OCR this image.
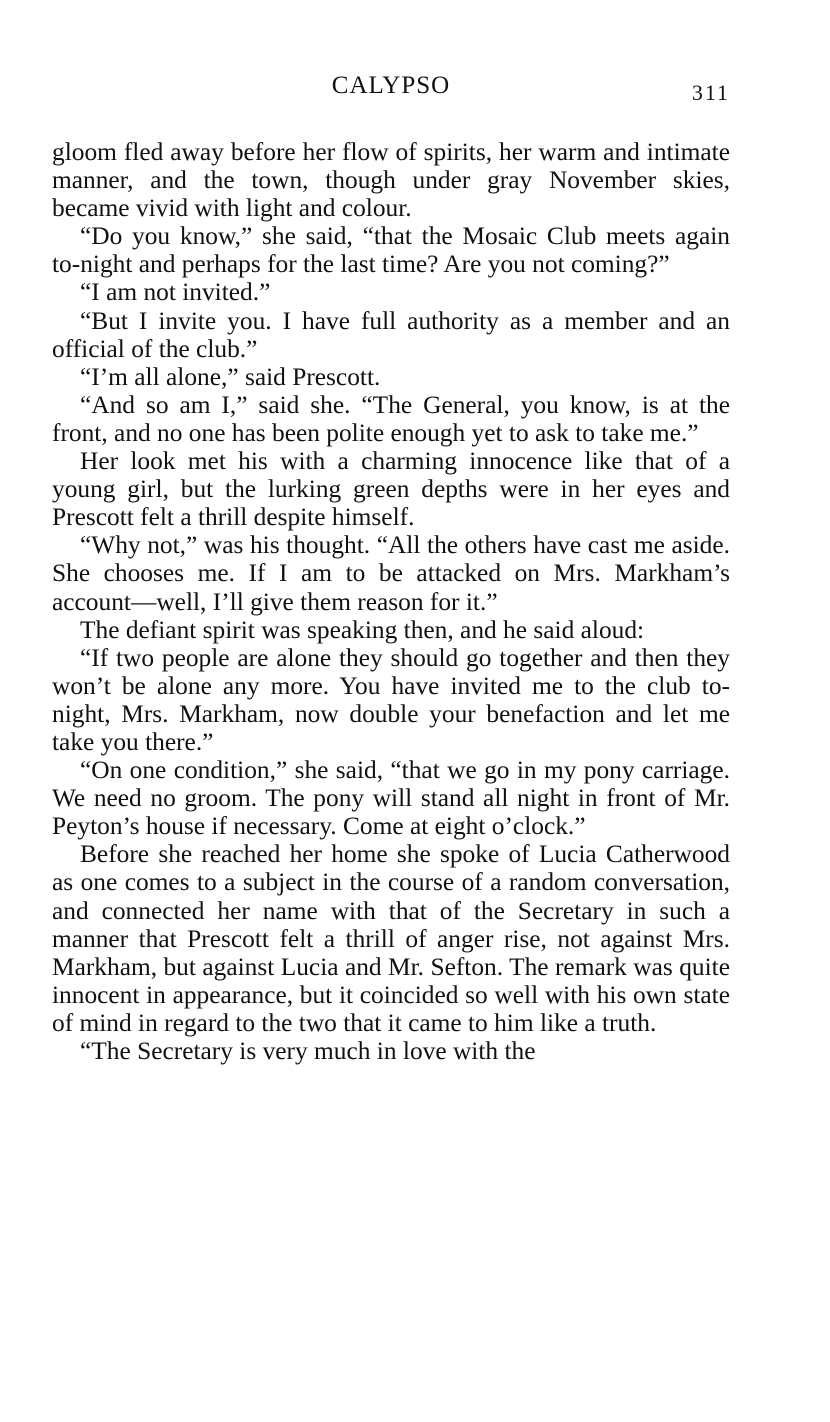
CALYPSO	311

gloom fled away before her flow of spirits, her warm and intimate manner, and the town, though under gray November skies, became vivid with light and colour.

“Do you know,” she said, “that the Mosaic Club meets again to-night and perhaps for the last time? Are you not coming?”

“I am not invited.”

“But I invite you. I have full authority as a member and an official of the club.”

“I’m all alone,” said Prescott.

“And so am I,” said she. “The General, you know, is at the front, and no one has been polite enough yet to ask to take me.”

Her look met his with a charming innocence like that of a young girl, but the lurking green depths were in her eyes and Prescott felt a thrill despite himself.

“Why not,” was his thought. “All the others have cast me aside. She chooses me. If I am to be attacked on Mrs. Markham’s account—well, I’ll give them reason for it.”

The defiant spirit was speaking then, and he said aloud:

“If two people are alone they should go together and then they won’t be alone any more. You have invited me to the club to-night, Mrs. Markham, now double your benefaction and let me take you there.”

“On one condition,” she said, “that we go in my pony carriage. We need no groom. The pony will stand all night in front of Mr. Peyton’s house if necessary. Come at eight o’clock.”

Before she reached her home she spoke of Lucia Catherwood as one comes to a subject in the course of a random conversation, and connected her name with that of the Secretary in such a manner that Prescott felt a thrill of anger rise, not against Mrs. Markham, but against Lucia and Mr. Sefton. The remark was quite innocent in appearance, but it coincided so well with his own state of mind in regard to the two that it came to him like a truth.

“The Secretary is very much in love with the
